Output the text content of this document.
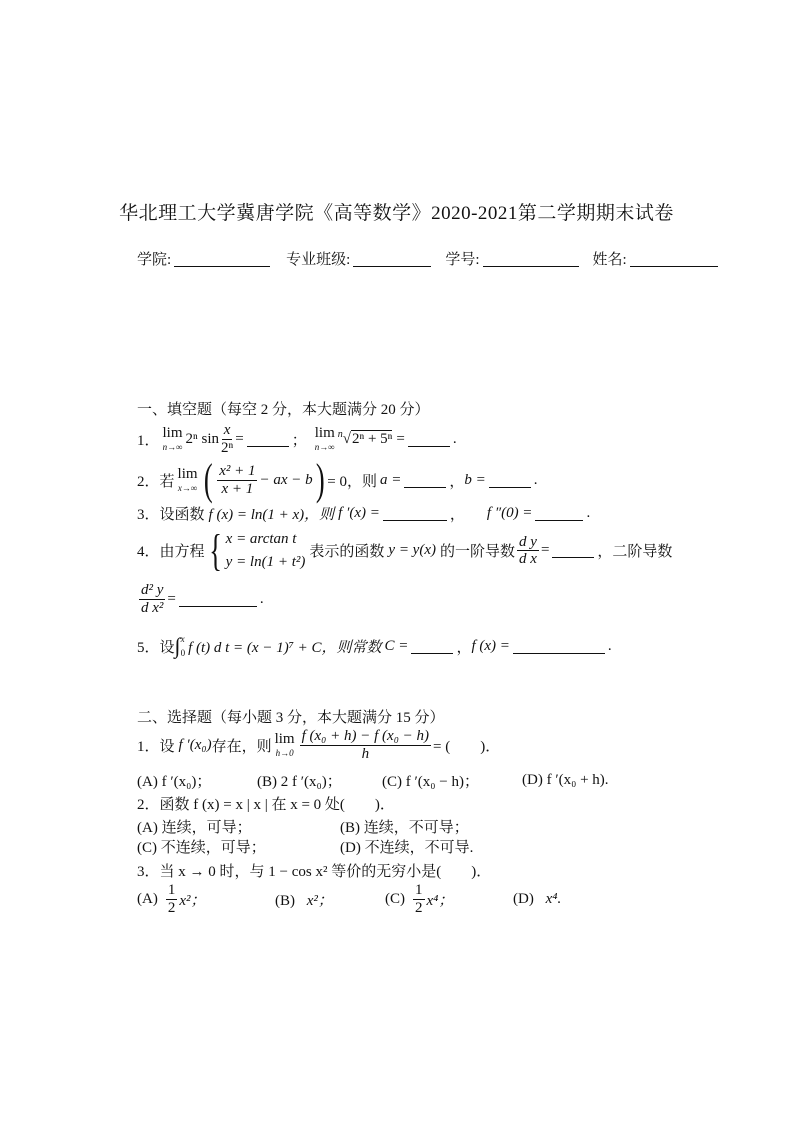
华北理工大学冀唐学院《高等数学》2020-2021第二学期期末试卷
学院:	专业班级:	学号:	姓名:
一、填空题（每空 2 分，本大题满分 20 分）
1． lim
n→∞
2ⁿ $\sin \frac{x}{\text{2ⁿ}}$ =	； lim
n→∞
$^n$ √ 2ⁿ + 5ⁿ =	.
2． 若 lim
x→∞ ( $\frac{\text{x² + 1}}{x + 1}$ − ax − b ) = 0，则 a =	， b =	.
3． 设函数 f (x) = ln(1 + x)，则 f ′(x) =	， f ″(0) =	.
4． 由方程 { x = arctan t
y = ln(1 + t²)
表示的函数 y = y(x) 的一阶导数 $\frac{\text{d y}}{\text{d x}}$ =	，二阶导数
$\frac{\text{d² y}}{\text{d x²}}$ =	.
5． 设 ∫ x
0 f (t) d t = (x − 1)⁷ + C，则常数 C =	， f (x) =	.
二、选择题（每小题 3 分，本大题满分 15 分）
1．设 f ′(x₀) 存在，则 lim
$h\to 0 \frac{\text{f (x₀ + h) − f (x₀ − h)}}{h}$ = (　　)．
(A) f ′(x₀)；	(B) 2 f ′(x₀)；	(C) f ′(x₀ − h)；	(D) f ′(x₀ + h).
2．函数 f (x) = x | x | 在 x = 0 处(　　)．
(A) 连续，可导；	(B) 连续，不可导；
(C) 不连续，可导；	(D) 不连续，不可导.
3．当 x → 0 时，与 1 − cos x² 等价的无穷小是(　　)．
$(A) \frac{1}{2} x^2$；	(B) x²；	$(C) \frac{1}{2} x^4$；	(D) x⁴.
